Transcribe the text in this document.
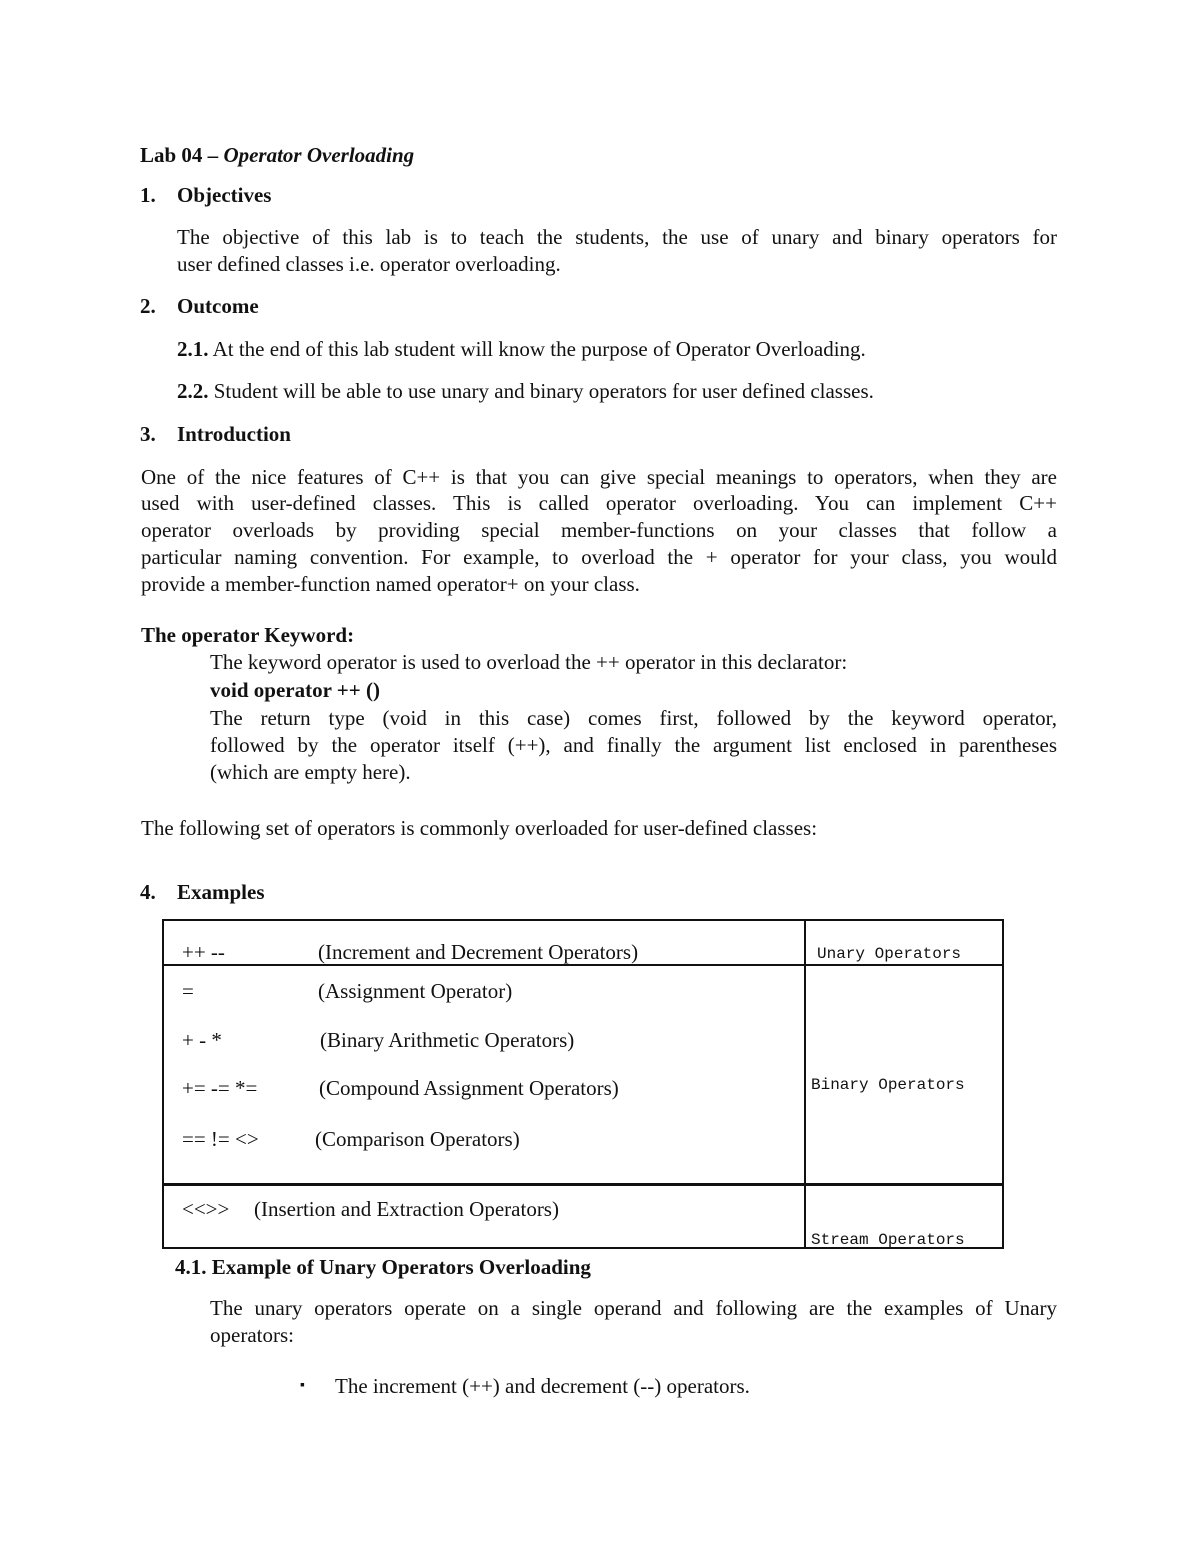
Lab 04 – Operator Overloading
1. Objectives
The objective of this lab is to teach the students, the use of unary and binary operators for
user defined classes i.e. operator overloading.
2. Outcome
2.1. At the end of this lab student will know the purpose of Operator Overloading.
2.2. Student will be able to use unary and binary operators for user defined classes.
3. Introduction
One of the nice features of C++ is that you can give special meanings to operators, when they are
used with user-defined classes. This is called operator overloading. You can implement C++
operator overloads by providing special member-functions on your classes that follow a
particular naming convention. For example, to overload the + operator for your class, you would
provide a member-function named operator+ on your class.
The operator Keyword:
The keyword operator is used to overload the ++ operator in this declarator:
void operator ++ ()
The return type (void in this case) comes first, followed by the keyword operator,
followed by the operator itself (++), and finally the argument list enclosed in parentheses
(which are empty here).
The following set of operators is commonly overloaded for user-defined classes:
4. Examples
++ --	(Increment and Decrement Operators)	Unary Operators
=	(Assignment Operator)
+ - *	(Binary Arithmetic Operators)
+= -= *=	(Compound Assignment Operators)
== != <>	(Comparison Operators)
Binary Operators
<<>> (Insertion and Extraction Operators)
Stream Operators
4.1. Example of Unary Operators Overloading
The unary operators operate on a single operand and following are the examples of Unary
operators:
▪ The increment (++) and decrement (--) operators.
